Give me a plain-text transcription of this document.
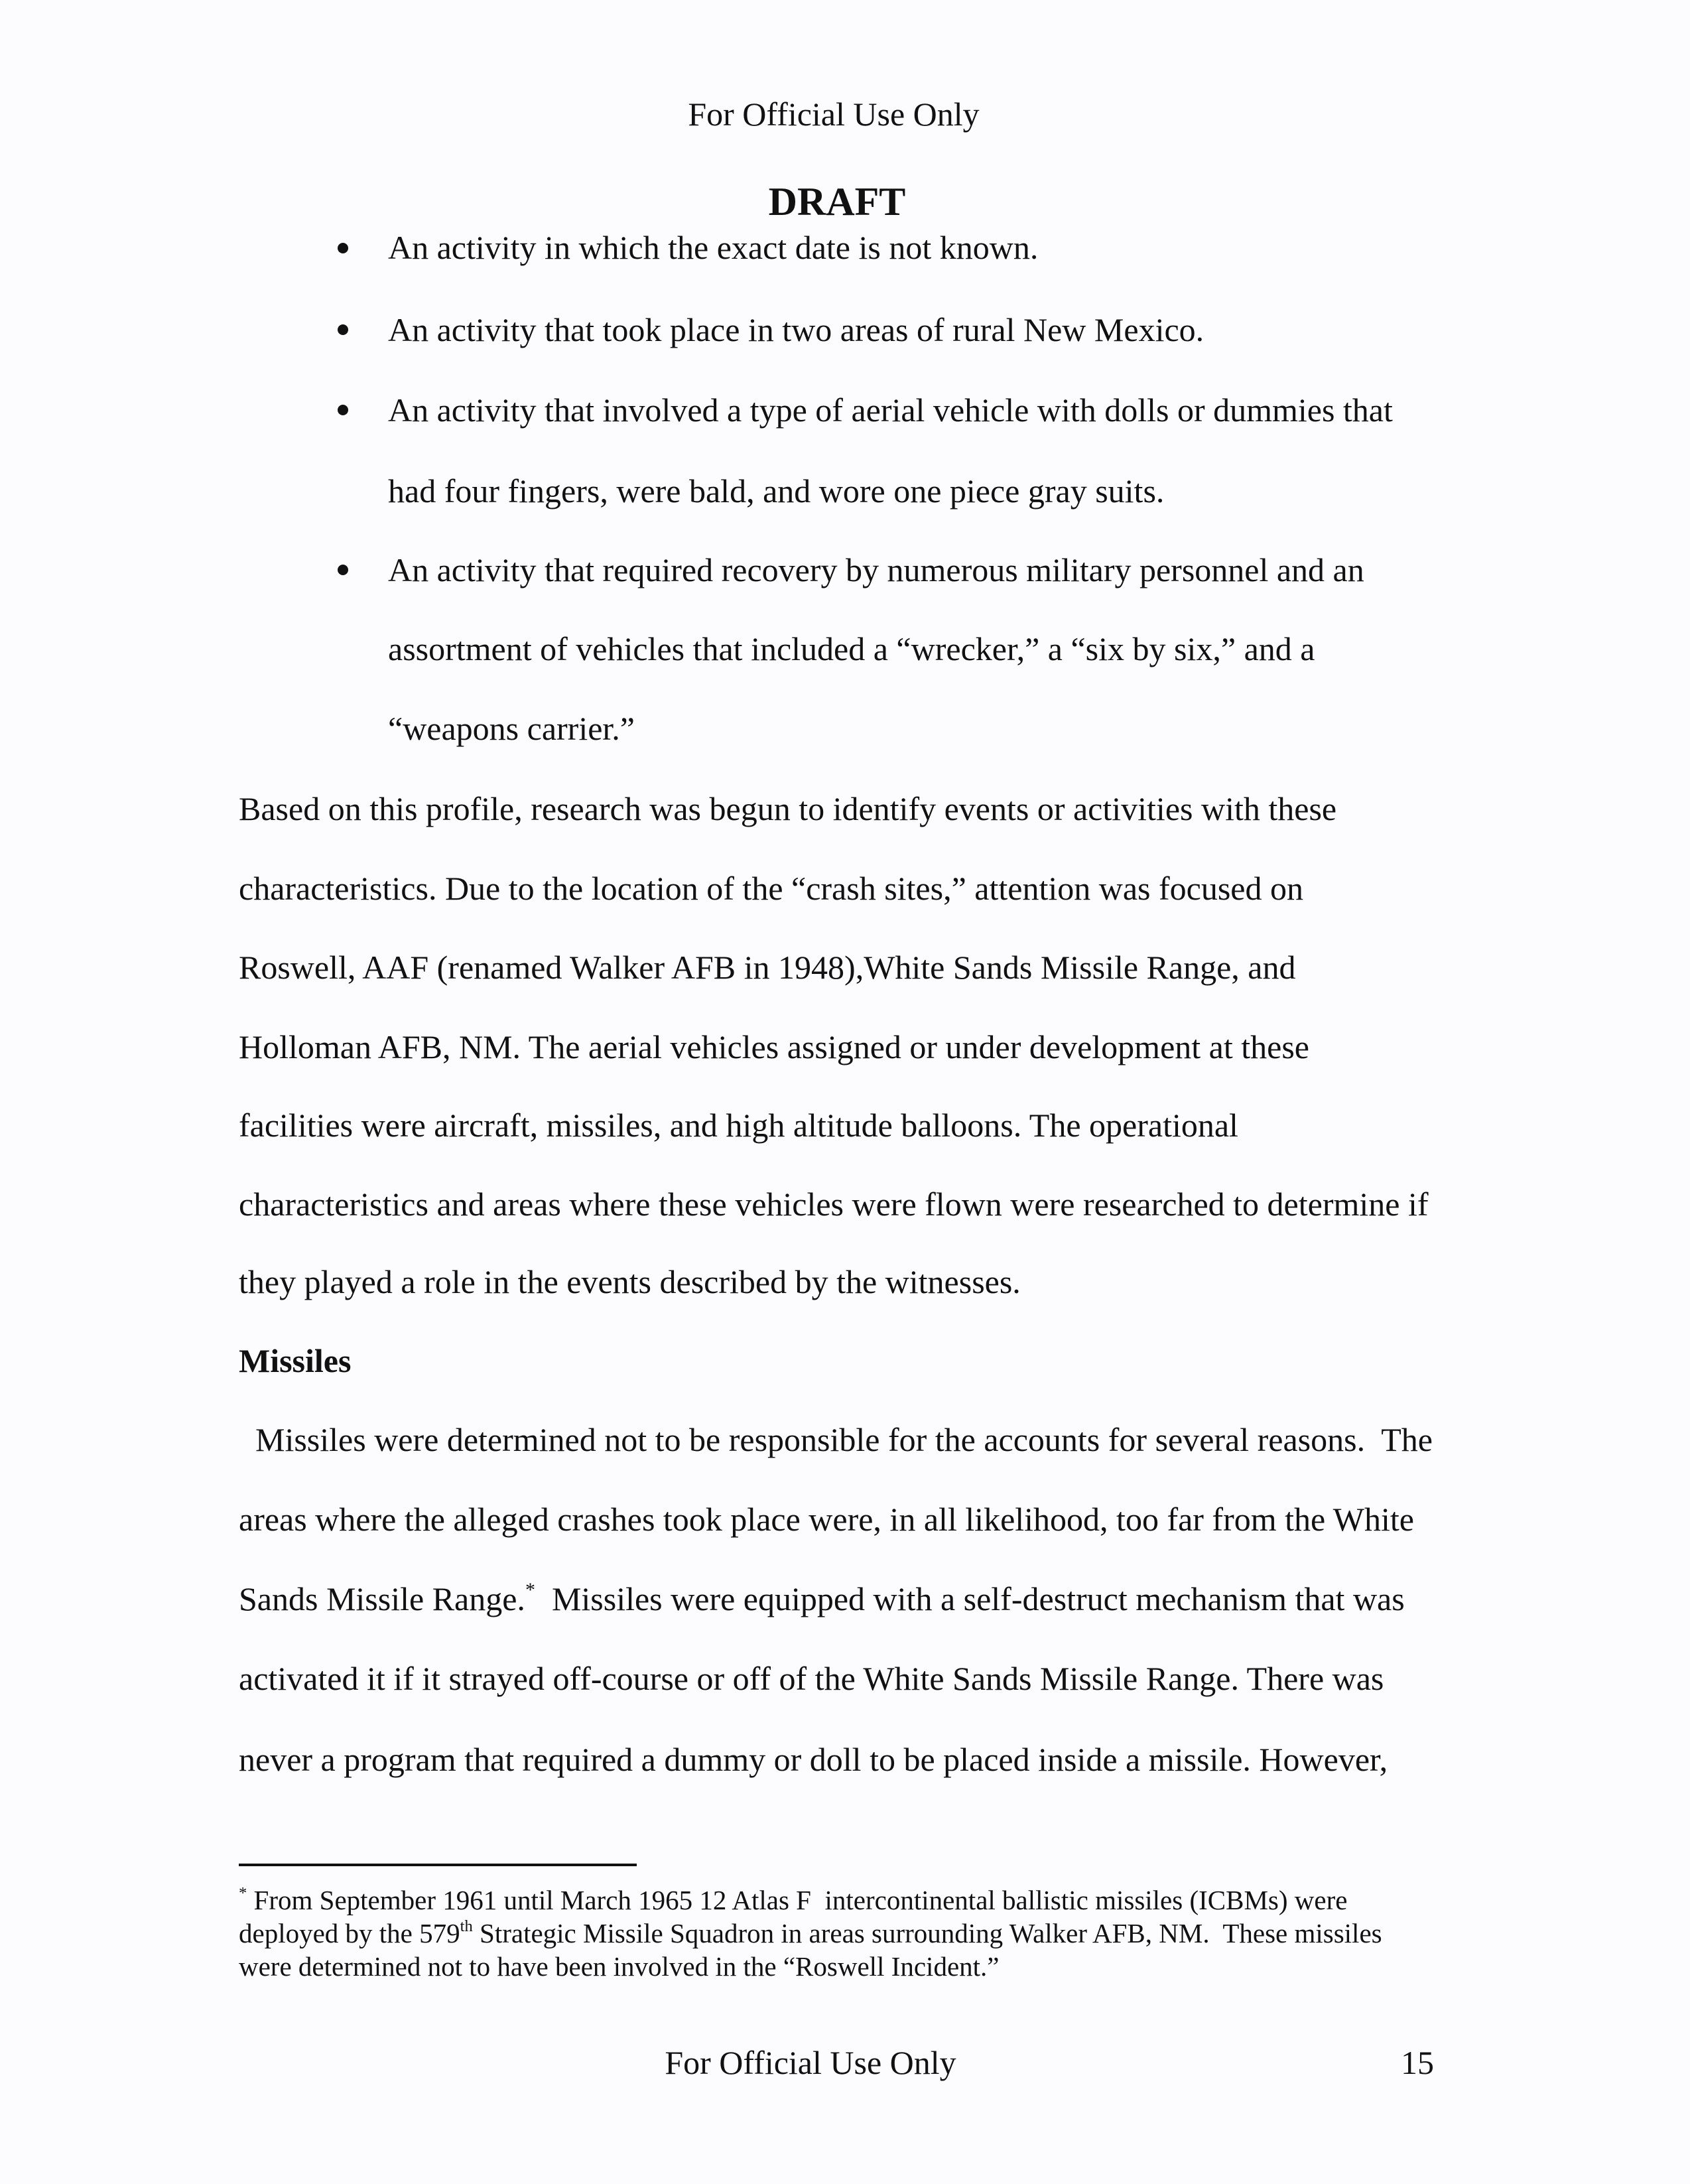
For Official Use Only
DRAFT
An activity in which the exact date is not known.
An activity that took place in two areas of rural New Mexico.
An activity that involved a type of aerial vehicle with dolls or dummies that
had four fingers, were bald, and wore one piece gray suits.
An activity that required recovery by numerous military personnel and an
assortment of vehicles that included a “wrecker,” a “six by six,” and a
“weapons carrier.”
Based on this profile, research was begun to identify events or activities with these
characteristics. Due to the location of the “crash sites,” attention was focused on
Roswell, AAF (renamed Walker AFB in 1948),White Sands Missile Range, and
Holloman AFB, NM. The aerial vehicles assigned or under development at these
facilities were aircraft, missiles, and high altitude balloons. The operational
characteristics and areas where these vehicles were flown were researched to determine if
they played a role in the events described by the witnesses.
Missiles
Missiles were determined not to be responsible for the accounts for several reasons.  The
areas where the alleged crashes took place were, in all likelihood, too far from the White
Sands Missile Range.*  Missiles were equipped with a self-destruct mechanism that was
activated it if it strayed off-course or off of the White Sands Missile Range. There was
never a program that required a dummy or doll to be placed inside a missile. However,
* From September 1961 until March 1965 12 Atlas F  intercontinental ballistic missiles (ICBMs) were
deployed by the 579th Strategic Missile Squadron in areas surrounding Walker AFB, NM.  These missiles
were determined not to have been involved in the “Roswell Incident.”
For Official Use Only	15
